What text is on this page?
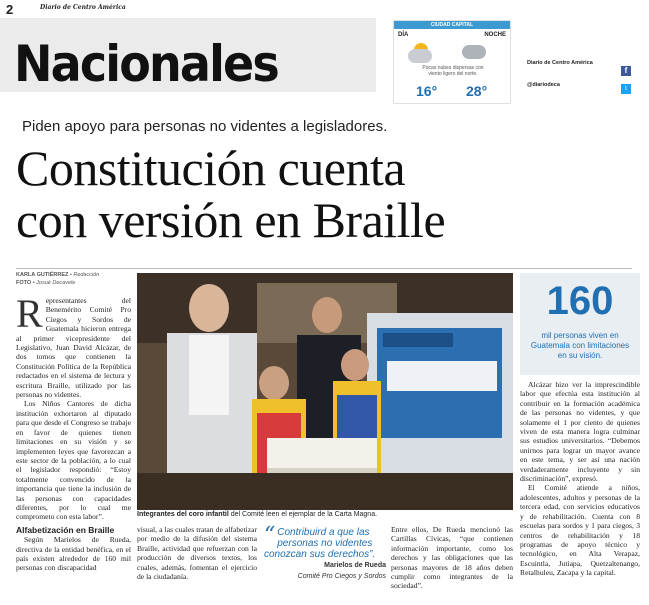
2	Diario de Centro América
Nacionales
CIUDAD CAPITAL
DÍA	NOCHE
Pocas nubes dispersas con viento ligero del norte.
16° 28°
Diario de Centro América
f
@diariodeca
t
Piden apoyo para personas no videntes a legisladores.
Constitución cuenta
con versión en Braille
KARLA GUTIÉRREZ • Redacción
FOTO • Josué Decavele
R epresentantes del Benemérito Comité Pro Ciegos y Sordos de Guatemala hicieron entrega al primer vicepresidente del Legislativo, Juan David Alcázar, de dos tomos que contienen la Constitución Política de la República redactados en el sistema de lectura y escritura Braille, utilizado por las personas no videntes.
Los Niños Cantores de dicha institución exhortaron al diputado para que desde el Congreso se trabaje en favor de quienes tienen limitaciones en su visión y se implementen leyes que favorezcan a este sector de la población, a lo cual el legislador respondió: “Estoy totalmente convencido de la importancia que tiene la inclusión de las personas con capacidades diferentes, por lo cual me comprometo con esta labor”.
Alfabetización en Braille
Según Marielos de Rueda, directiva de la entidad benéfica, en el país existen alrededor de 160 mil personas con discapacidad
Integrantes del coro infantil del Comité leen el ejemplar de la Carta Magna.
visual, a las cuales tratan de alfabetizar por medio de la difusión del sistema Braille, actividad que refuerzan con la producción de diversos textos, los cuales, además, fomentan el ejercicio de la ciudadanía.
“ Contribuird a que las personas no videntes conozcan sus derechos”.
Marielos de Rueda
Comité Pro Ciegos y Sordos
Entre ellos, De Rueda mencionó las Cartillas Cívicas, “que contienen información importante, como los derechos y las obligaciones que las personas mayores de 18 años deben cumplir como integrantes de la sociedad”.
160
mil personas viven en Guatemala con limitaciones en su visión.
Alcázar hizo ver la imprescindible labor que efectúa esta institución al contribuir en la formación académica de las personas no videntes, y que solamente el 1 por ciento de quienes viven de esta manera logra culminar sus estudios universitarios. “Debemos unirnos para lograr un mayor avance en este tema, y ser así una nación verdaderamente incluyente y sin discriminación”, expresó.
El Comité atiende a niños, adolescentes, adultos y personas de la tercera edad, con servicios educativos y de rehabilitación. Cuenta con 8 escuelas para sordos y 1 para ciegos, 3 centros de rehabilitación y 18 programas de apoyo técnico y tecnológico, en Alta Verapaz, Escuintla, Jutiapa, Quetzaltenango, Retalhuleu, Zacapa y la capital.
